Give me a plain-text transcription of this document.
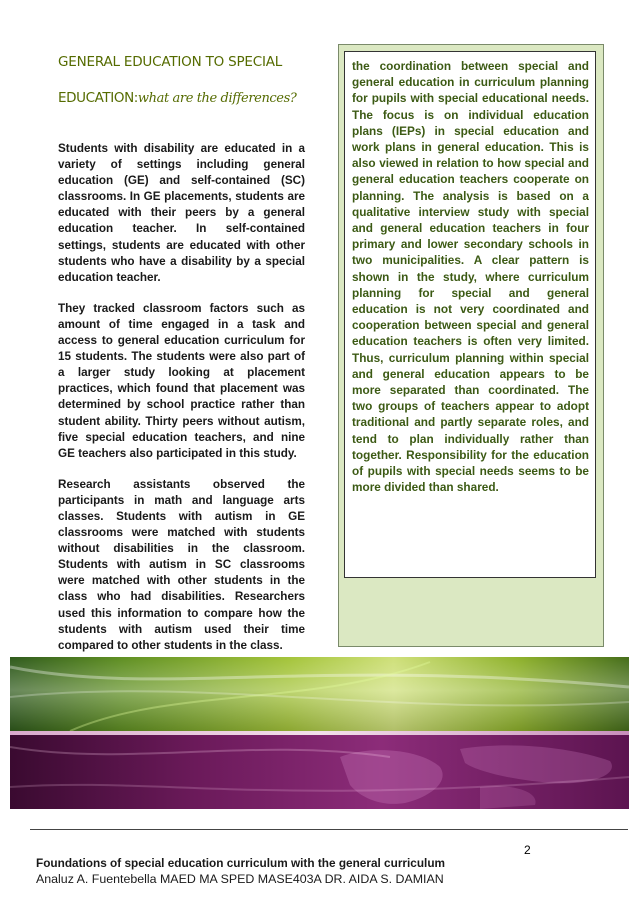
GENERAL EDUCATION TO SPECIAL
EDUCATION:what are the differences?

Students with disability are educated in a variety of settings including general education (GE) and self-contained (SC) classrooms. In GE placements, students are educated with their peers by a general education teacher. In self-contained settings, students are educated with other students who have a disability by a special education teacher.

They tracked classroom factors such as amount of time engaged in a task and access to general education curriculum for 15 students. The students were also part of a larger study looking at placement practices, which found that placement was determined by school practice rather than student ability. Thirty peers without autism, five special education teachers, and nine GE teachers also participated in this study.

Research assistants observed the participants in math and language arts classes. Students with autism in GE classrooms were matched with students without disabilities in the classroom. Students with autism in SC classrooms were matched with other students in the class who had disabilities. Researchers used this information to compare how the students with autism used their time compared to other students in the class.

the coordination between special and general education in curriculum planning for pupils with special educational needs. The focus is on individual education plans (IEPs) in special education and work plans in general education. This is also viewed in relation to how special and general education teachers cooperate on planning. The analysis is based on a qualitative interview study with special and general education teachers in four primary and lower secondary schools in two municipalities. A clear pattern is shown in the study, where curriculum planning for special and general education is not very coordinated and cooperation between special and general education teachers is often very limited. Thus, curriculum planning within special and general education appears to be more separated than coordinated. The two groups of teachers appear to adopt traditional and partly separate roles, and tend to plan individually rather than together. Responsibility for the education of pupils with special needs seems to be more divided than shared.

2
Foundations of special education curriculum with the general curriculum
Analuz A. Fuentebella MAED MA SPED MASE403A DR. AIDA S. DAMIAN
